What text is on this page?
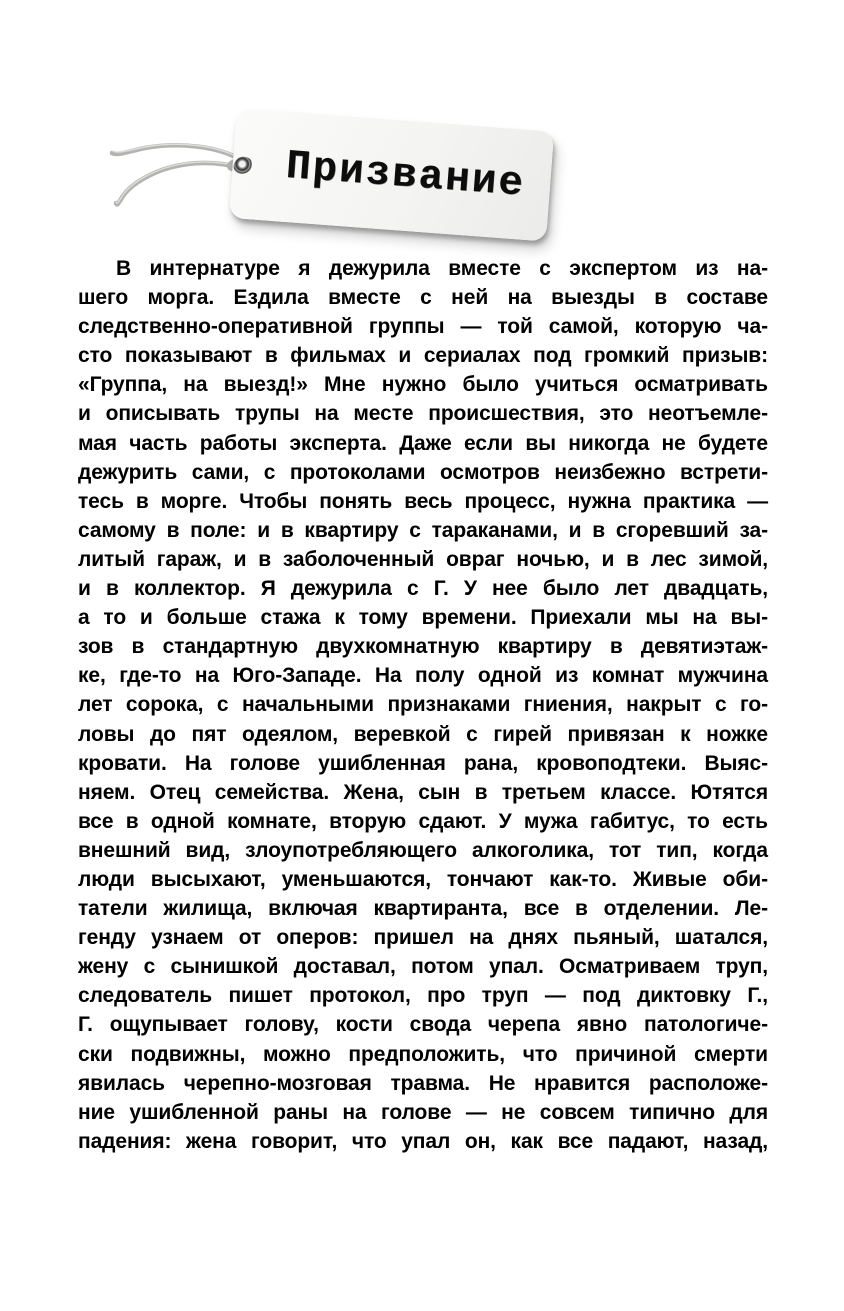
Призвание
В интернатуре я дежурила вместе с экспертом из на-
шего морга. Ездила вместе с ней на выезды в составе
следственно-оперативной группы — той самой, которую ча-
сто показывают в фильмах и сериалах под громкий призыв:
«Группа, на выезд!» Мне нужно было учиться осматривать
и описывать трупы на месте происшествия, это неотъемле-
мая часть работы эксперта. Даже если вы никогда не будете
дежурить сами, с протоколами осмотров неизбежно встрети-
тесь в морге. Чтобы понять весь процесс, нужна практика —
самому в поле: и в квартиру с тараканами, и в сгоревший за-
литый гараж, и в заболоченный овраг ночью, и в лес зимой,
и в коллектор. Я дежурила с Г. У нее было лет двадцать,
а то и больше стажа к тому времени. Приехали мы на вы-
зов в стандартную двухкомнатную квартиру в девятиэтаж-
ке, где-то на Юго-Западе. На полу одной из комнат мужчина
лет сорока, с начальными признаками гниения, накрыт с го-
ловы до пят одеялом, веревкой с гирей привязан к ножке
кровати. На голове ушибленная рана, кровоподтеки. Выяс-
няем. Отец семейства. Жена, сын в третьем классе. Ютятся
все в одной комнате, вторую сдают. У мужа габитус, то есть
внешний вид, злоупотребляющего алкоголика, тот тип, когда
люди высыхают, уменьшаются, тончают как-то. Живые оби-
татели жилища, включая квартиранта, все в отделении. Ле-
генду узнаем от оперов: пришел на днях пьяный, шатался,
жену с сынишкой доставал, потом упал. Осматриваем труп,
следователь пишет протокол, про труп — под диктовку Г.,
Г. ощупывает голову, кости свода черепа явно патологиче-
ски подвижны, можно предположить, что причиной смерти
явилась черепно-мозговая травма. Не нравится расположе-
ние ушибленной раны на голове — не совсем типично для
падения: жена говорит, что упал он, как все падают, назад,
